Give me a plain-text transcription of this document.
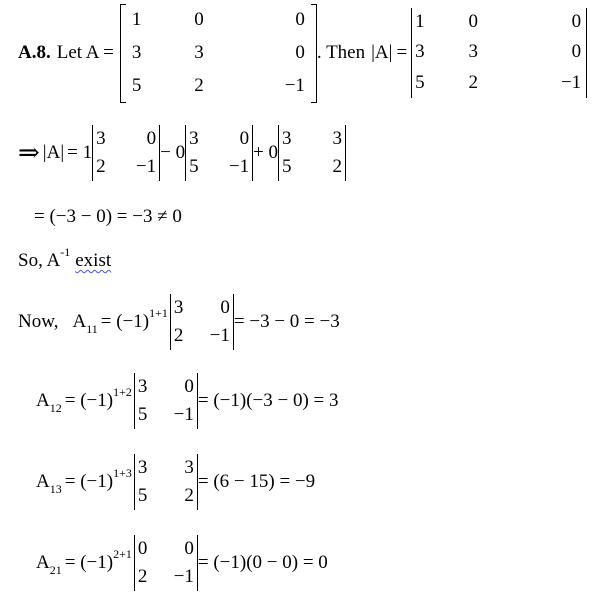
A.8. Let A =
1	0	0
3	3	0
5	2	−1
. Then |A| =
1	0	0
3	3	0
5	2	−1
⇒ |A| = 1
3	0
2	−1
− 0
3	0
5	−1
+ 0
3	3
5	2
= (−3 − 0) = −3 ≠ 0
So, A -1 exist
Now, A 11 = (−1) 1+1 3	0
2	−1
= −3 − 0 = −3
A 12 = (−1) 1+2 3	0
5	−1
= (−1)(−3 − 0) = 3
A 13 = (−1) 1+3 3	3
5	2
= (6 − 15) = −9
A 21 = (−1) 2+1 0	0
2	−1
= (−1)(0 − 0) = 0
